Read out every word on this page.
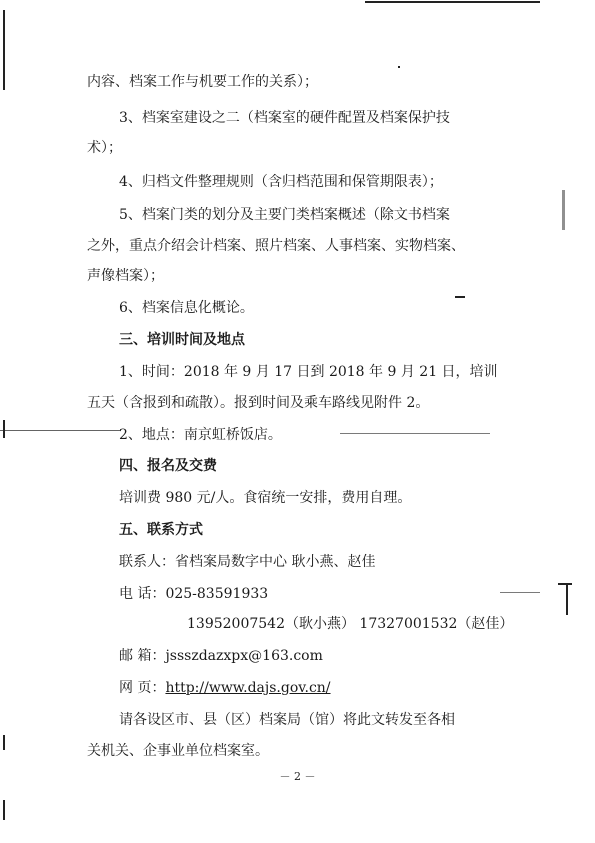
内容、档案工作与机要工作的关系）；
3、档案室建设之二（档案室的硬件配置及档案保护技
术）；
4、归档文件整理规则（含归档范围和保管期限表）；
5、档案门类的划分及主要门类档案概述（除文书档案
之外，重点介绍会计档案、照片档案、人事档案、实物档案、
声像档案）；
6、档案信息化概论。
三、培训时间及地点
1、时间：2018 年 9 月 17 日到 2018 年 9 月 21 日，培训
五天（含报到和疏散）。报到时间及乘车路线见附件 2。
2、地点：南京虹桥饭店。
四、报名及交费
培训费 980 元/人。食宿统一安排，费用自理。
五、联系方式
联系人：省档案局数字中心 耿小燕、赵佳
电 话：025-83591933
13952007542（耿小燕） 17327001532（赵佳）
邮 箱：jssszdazxpx@163.com
网 页：http://www.dajs.gov.cn/
请各设区市、县（区）档案局（馆）将此文转发至各相
关机关、企事业单位档案室。
－ 2 －
